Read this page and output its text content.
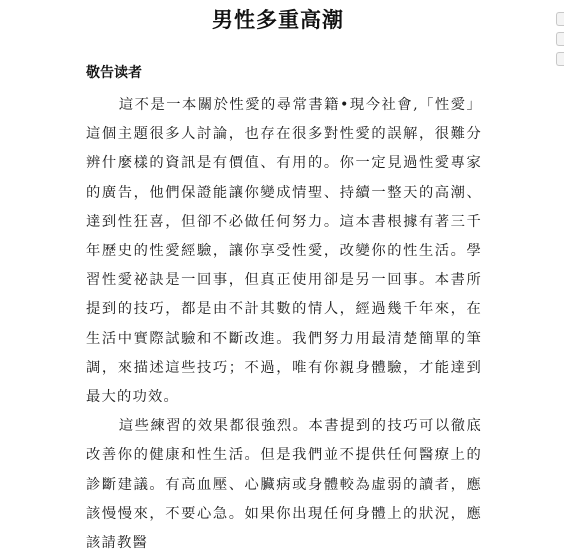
男性多重高潮
敬告读者

這不是一本關於性愛的尋常書籍•現今社會,「性愛」這個主題很多人討論，也存在很多對性愛的誤解，很難分辨什麼樣的資訊是有價值、有用的。你一定見過性愛專家的廣告，他們保證能讓你變成情聖、持續一整天的高潮、達到性狂喜，但卻不必做任何努力。這本書根據有著三千年歷史的性愛經驗，讓你享受性愛，改變你的性生活。學習性愛祕訣是一回事，但真正使用卻是另一回事。本書所提到的技巧，都是由不計其數的情人，經過幾千年來，在生活中實際試驗和不斷改進。我們努力用最清楚簡單的筆調，來描述這些技巧；不過，唯有你親身體驗，才能達到最大的功效。

這些練習的效果都很強烈。本書提到的技巧可以徹底改善你的健康和性生活。但是我們並不提供任何醫療上的診斷建議。有高血壓、心臟病或身體較為虛弱的讀者，應該慢慢來，不要心急。如果你出現任何身體上的狀況，應該請教醫
